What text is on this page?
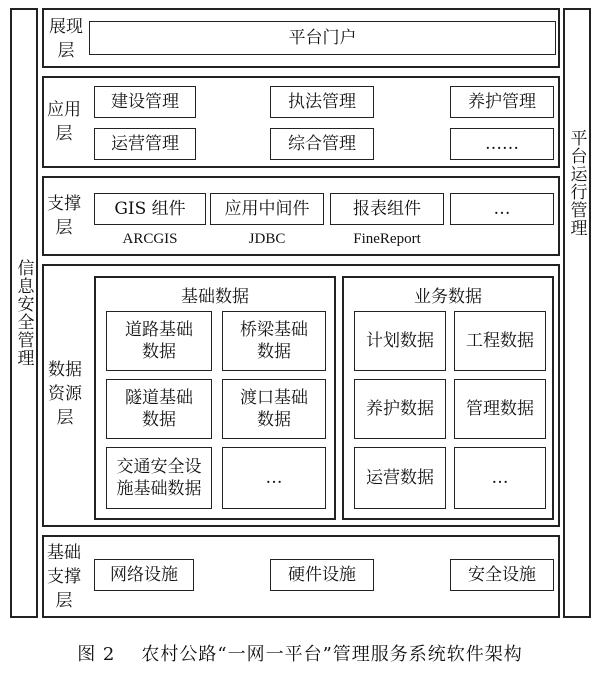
信息安全管理
平台运行管理
展现层
平台门户
应用层
建设管理	执法管理	养护管理
运营管理	综合管理	……
支撑层
GIS 组件	应用中间件	报表组件	…
ARCGIS	JDBC	FineReport
数据资源层
基础数据
道路基础数据
桥梁基础数据
隧道基础数据
渡口基础数据
交通安全设施基础数据
…
业务数据
计划数据	工程数据
养护数据	管理数据
运营数据	…
基础支撑层
网络设施	硬件设施	安全设施
图 2 农村公路“一网一平台”管理服务系统软件架构
